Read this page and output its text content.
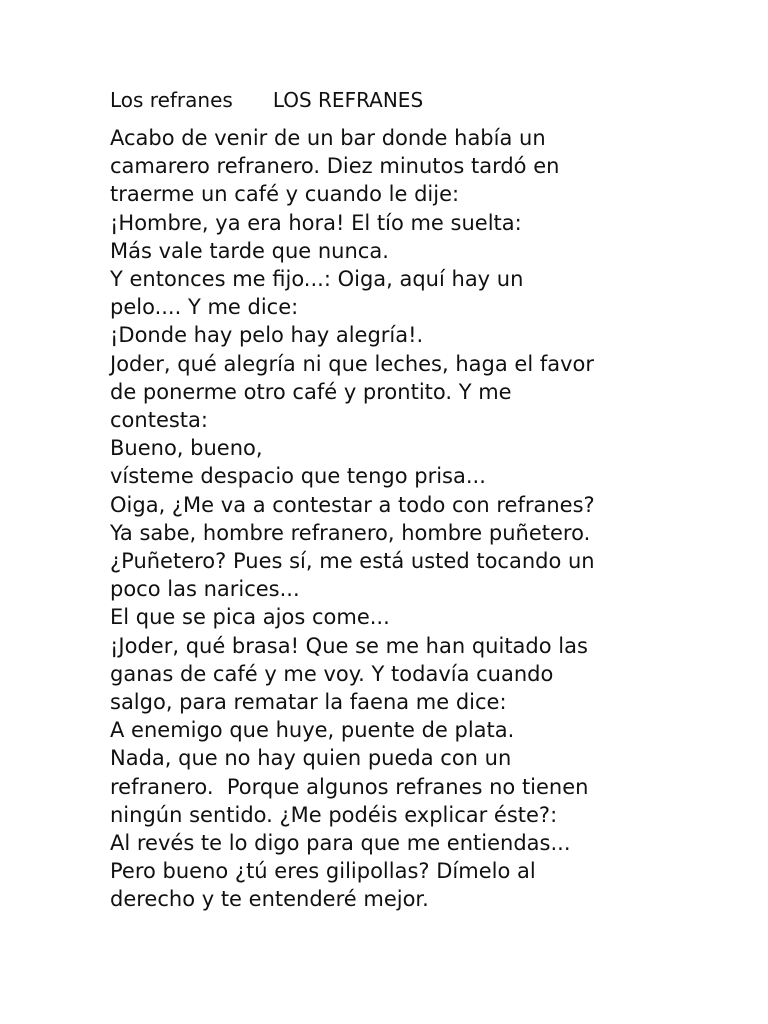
Los refranes LOS REFRANES
Acabo de venir de un bar donde había un
camarero refranero. Diez minutos tardó en
traerme un café y cuando le dije:
¡Hombre, ya era hora! El tío me suelta:
Más vale tarde que nunca.
Y entonces me fijo...: Oiga, aquí hay un
pelo.... Y me dice:
¡Donde hay pelo hay alegría!.
Joder, qué alegría ni que leches, haga el favor
de ponerme otro café y prontito. Y me
contesta:
Bueno, bueno,
vísteme despacio que tengo prisa...
Oiga, ¿Me va a contestar a todo con refranes?
Ya sabe, hombre refranero, hombre puñetero.
¿Puñetero? Pues sí, me está usted tocando un
poco las narices...
El que se pica ajos come...
¡Joder, qué brasa! Que se me han quitado las
ganas de café y me voy. Y todavía cuando
salgo, para rematar la faena me dice:
A enemigo que huye, puente de plata.
Nada, que no hay quien pueda con un
refranero.  Porque algunos refranes no tienen
ningún sentido. ¿Me podéis explicar éste?:
Al revés te lo digo para que me entiendas...
Pero bueno ¿tú eres gilipollas? Dímelo al
derecho y te entenderé mejor.
